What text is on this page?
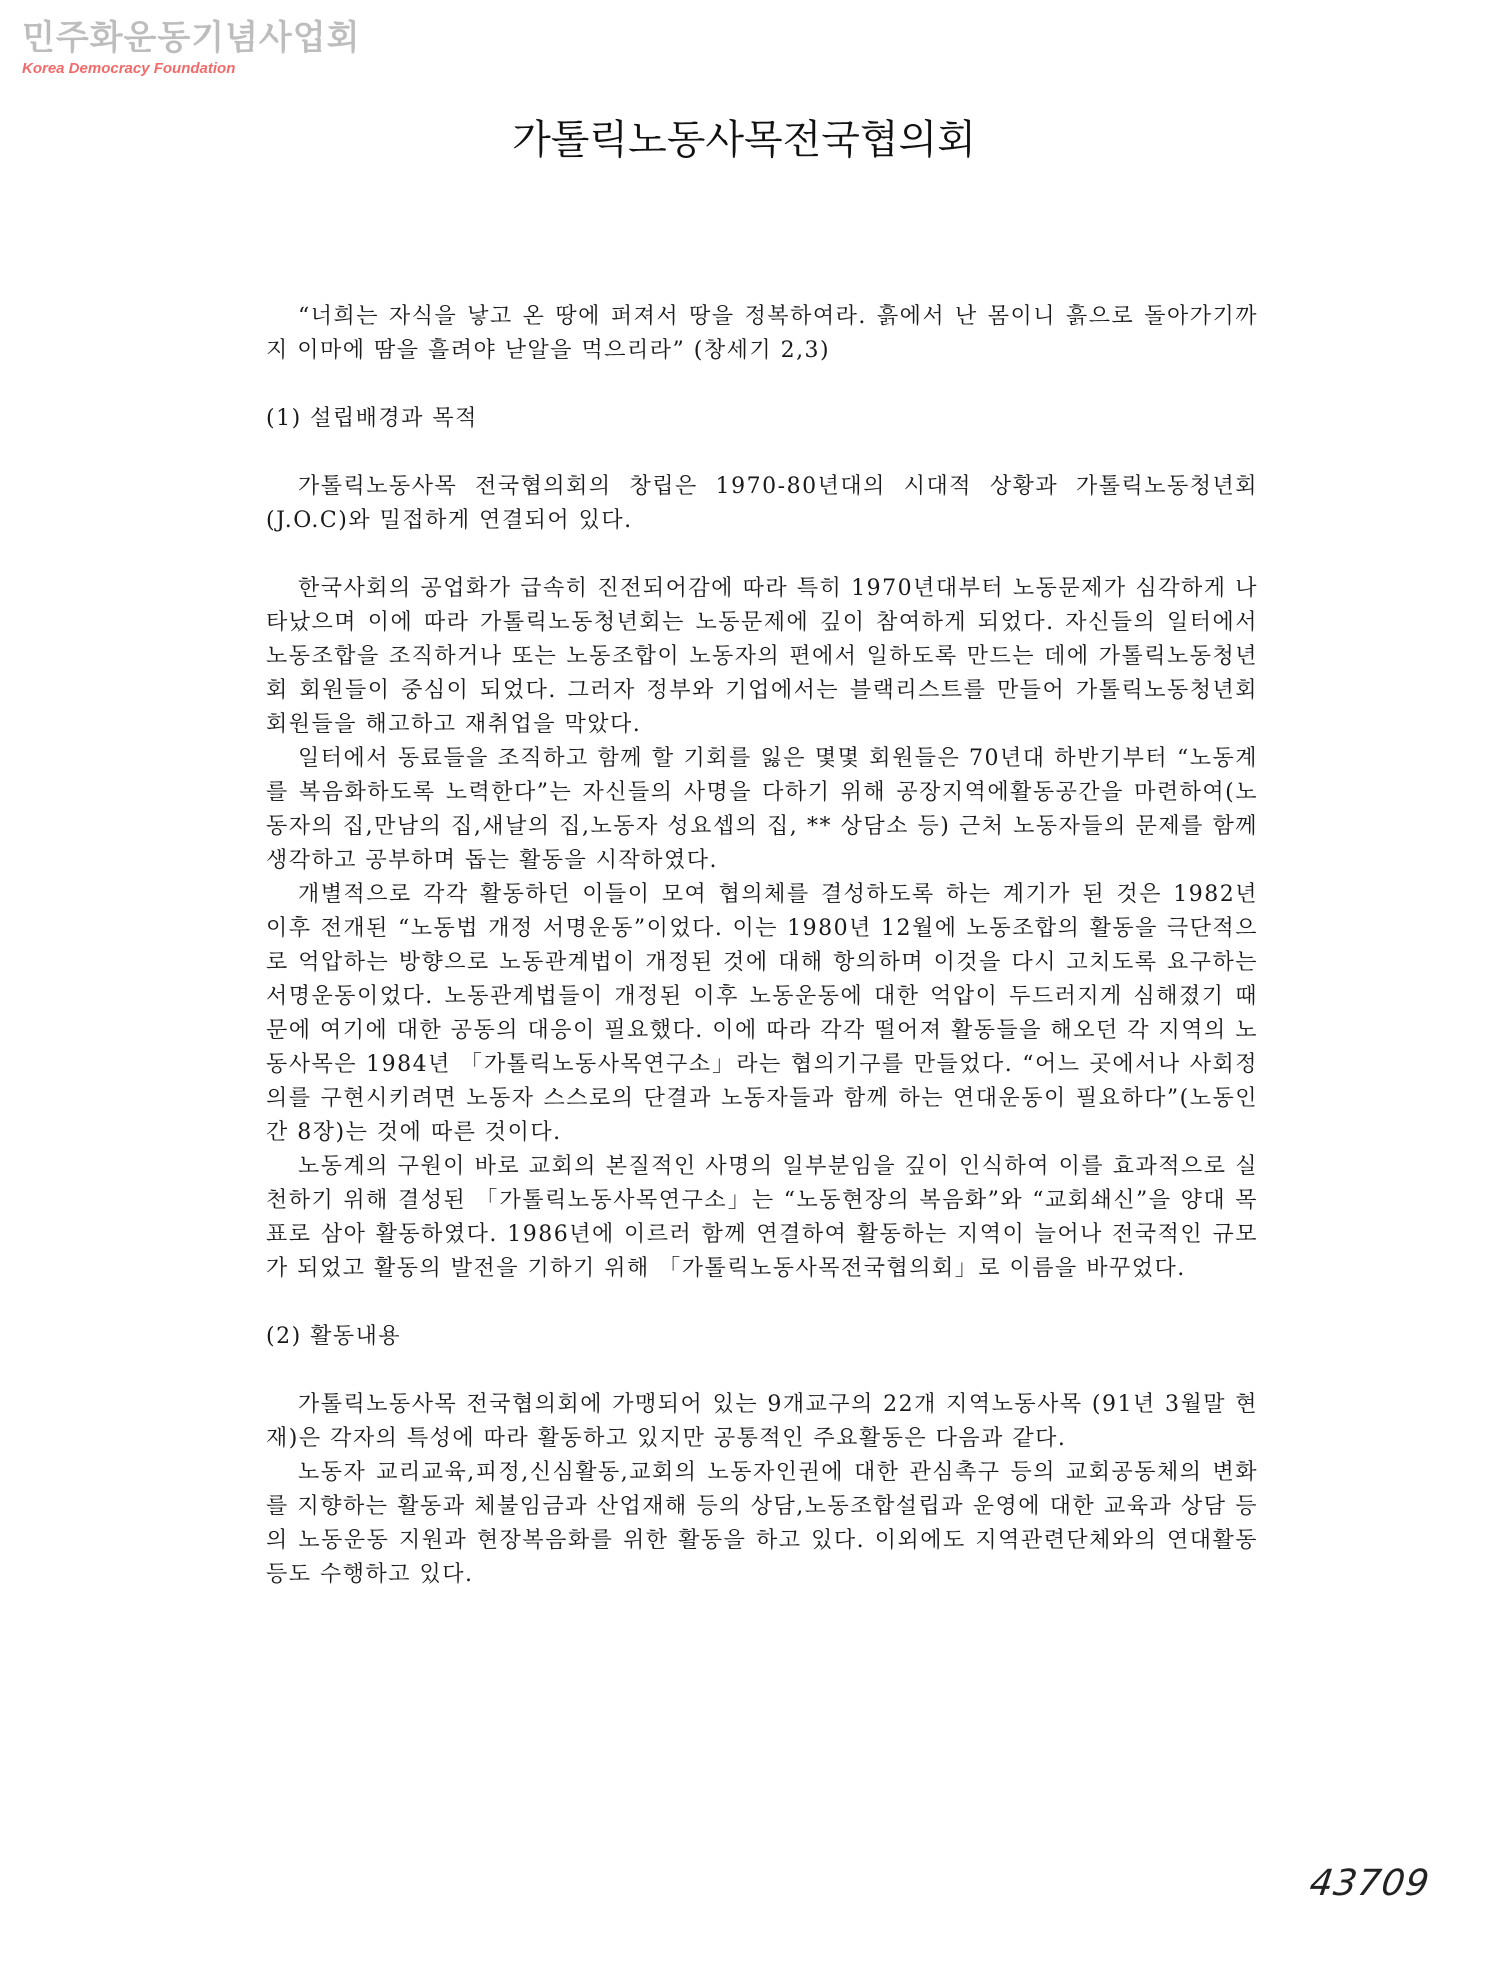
민주화운동기념사업회
Korea Democracy Foundation
가톨릭노동사목전국협의회

“너희는 자식을 낳고 온 땅에 퍼져서 땅을 정복하여라. 흙에서 난 몸이니 흙으로 돌아가기까지 이마에 땀을 흘려야 낟알을 먹으리라” (창세기 2,3)

(1) 설립배경과 목적

가톨릭노동사목 전국협의회의 창립은 1970-80년대의 시대적 상황과 가톨릭노동청년회(J.O.C)와 밀접하게 연결되어 있다.

한국사회의 공업화가 급속히 진전되어감에 따라 특히 1970년대부터 노동문제가 심각하게 나타났으며 이에 따라 가톨릭노동청년회는 노동문제에 깊이 참여하게 되었다. 자신들의 일터에서 노동조합을 조직하거나 또는 노동조합이 노동자의 편에서 일하도록 만드는 데에 가톨릭노동청년회 회원들이 중심이 되었다. 그러자 정부와 기업에서는 블랙리스트를 만들어 가톨릭노동청년회 회원들을 해고하고 재취업을 막았다.

일터에서 동료들을 조직하고 함께 할 기회를 잃은 몇몇 회원들은 70년대 하반기부터 “노동계를 복음화하도록 노력한다”는 자신들의 사명을 다하기 위해 공장지역에활동공간을 마련하여(노동자의 집,만남의 집,새날의 집,노동자 성요셉의 집, ** 상담소 등) 근처 노동자들의 문제를 함께 생각하고 공부하며 돕는 활동을 시작하였다.

개별적으로 각각 활동하던 이들이 모여 협의체를 결성하도록 하는 계기가 된 것은 1982년 이후 전개된 “노동법 개정 서명운동”이었다. 이는 1980년 12월에 노동조합의 활동을 극단적으로 억압하는 방향으로 노동관계법이 개정된 것에 대해 항의하며 이것을 다시 고치도록 요구하는 서명운동이었다. 노동관계법들이 개정된 이후 노동운동에 대한 억압이 두드러지게 심해졌기 때문에 여기에 대한 공동의 대응이 필요했다. 이에 따라 각각 떨어져 활동들을 해오던 각 지역의 노동사목은 1984년 「가톨릭노동사목연구소」라는 협의기구를 만들었다. “어느 곳에서나 사회정의를 구현시키려면 노동자 스스로의 단결과 노동자들과 함께 하는 연대운동이 필요하다”(노동인간 8장)는 것에 따른 것이다.

노동계의 구원이 바로 교회의 본질적인 사명의 일부분임을 깊이 인식하여 이를 효과적으로 실천하기 위해 결성된 「가톨릭노동사목연구소」는 “노동현장의 복음화”와 “교회쇄신”을 양대 목표로 삼아 활동하였다. 1986년에 이르러 함께 연결하여 활동하는 지역이 늘어나 전국적인 규모가 되었고 활동의 발전을 기하기 위해 「가톨릭노동사목전국협의회」로 이름을 바꾸었다.

(2) 활동내용

가톨릭노동사목 전국협의회에 가맹되어 있는 9개교구의 22개 지역노동사목 (91년 3월말 현재)은 각자의 특성에 따라 활동하고 있지만 공통적인 주요활동은 다음과 같다.

노동자 교리교육,피정,신심활동,교회의 노동자인권에 대한 관심촉구 등의 교회공동체의 변화를 지향하는 활동과 체불임금과 산업재해 등의 상담,노동조합설립과 운영에 대한 교육과 상담 등의 노동운동 지원과 현장복음화를 위한 활동을 하고 있다. 이외에도 지역관련단체와의 연대활동 등도 수행하고 있다.

43709
